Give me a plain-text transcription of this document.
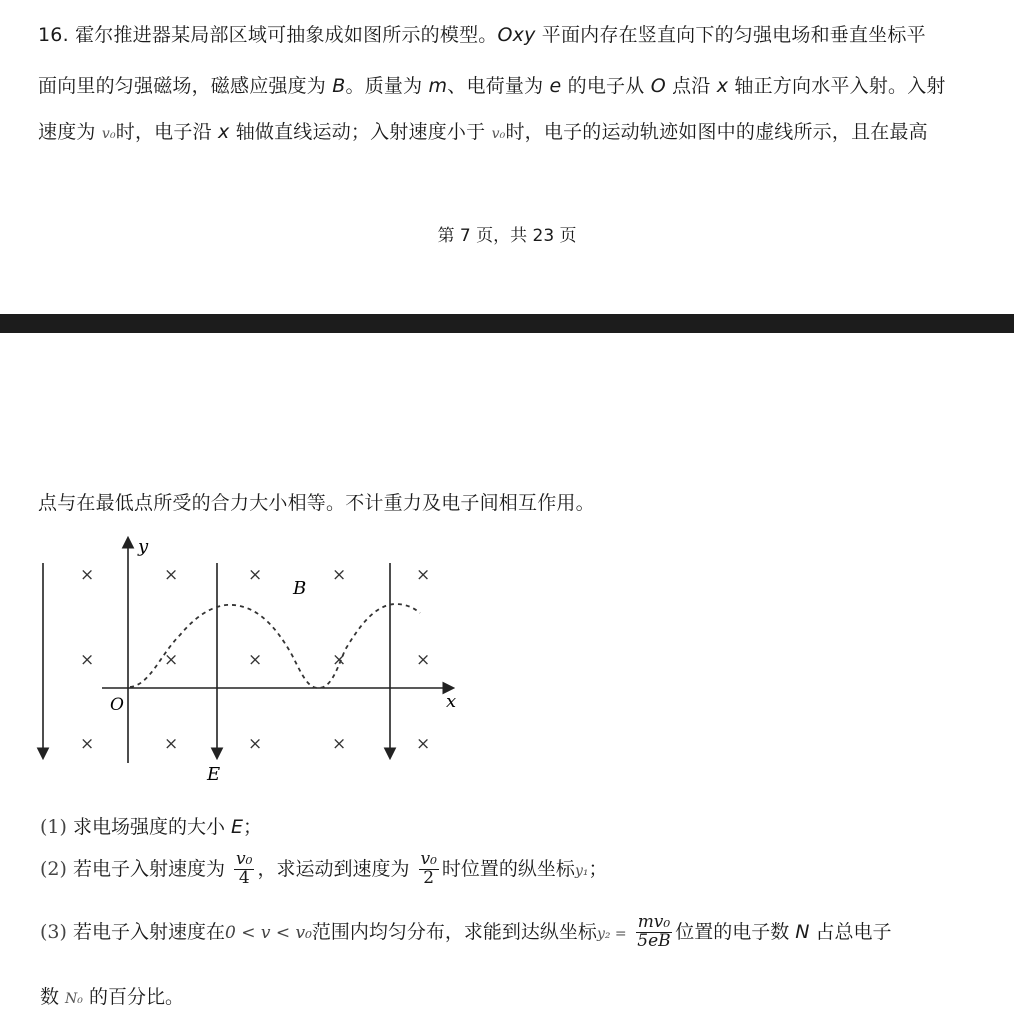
16. 霍尔推进器某局部区域可抽象成如图所示的模型。Oxy 平面内存在竖直向下的匀强电场和垂直坐标平
面向里的匀强磁场，磁感应强度为 B。质量为 m、电荷量为 e 的电子从 O 点沿 x 轴正方向水平入射。入射
速度为 v₀时，电子沿 x 轴做直线运动；入射速度小于 v₀时，电子的运动轨迹如图中的虚线所示，且在最高
第 7 页，共 23 页
点与在最低点所受的合力大小相等。不计重力及电子间相互作用。
×	×	×	×	×
×	×	×	×	×
×	×	×	×	×
y
x
O
B
E
(1) 求电场强度的大小 E；
(2) 若电子入射速度为 $\frac{\text{v₀}}{4}$ ，求运动到速度为 $\frac{\text{v₀}}{2}$ 时位置的纵坐标y₁；
(3) 若电子入射速度在0 < v < v₀范围内均匀分布，求能到达纵坐标$y_2 = \frac{\text{mv₀}}{5eB}$ 位置的电子数 N 占总电子
数 N₀ 的百分比。
